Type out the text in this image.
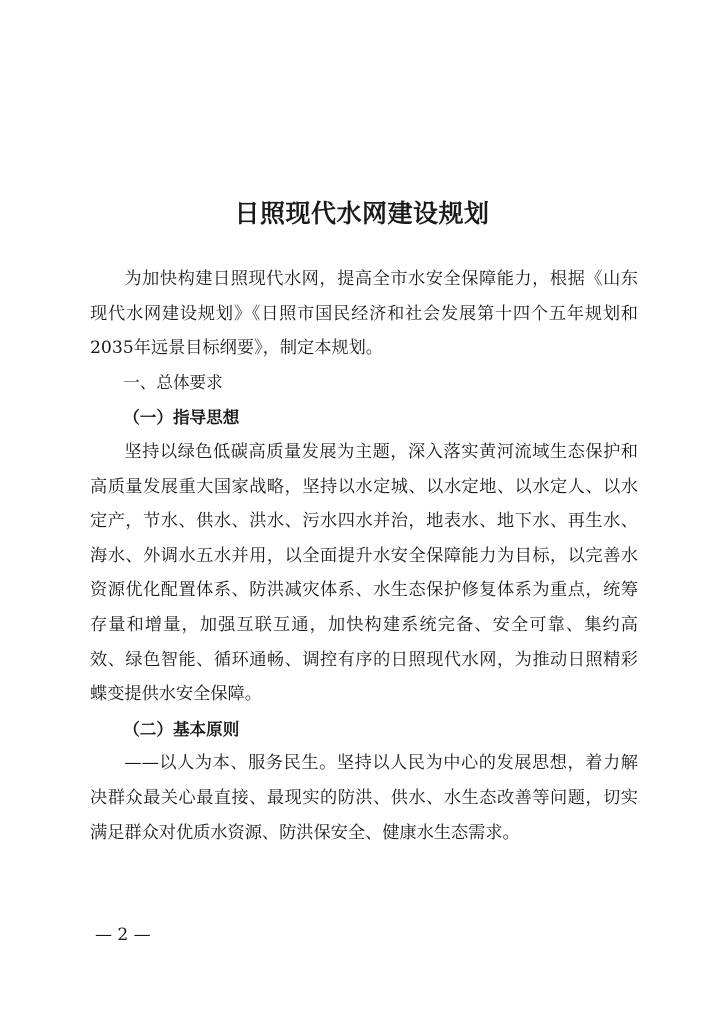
日照现代水网建设规划

为加快构建日照现代水网，提高全市水安全保障能力，根据《山东现代水网建设规划》《日照市国民经济和社会发展第十四个五年规划和2035年远景目标纲要》，制定本规划。

一、总体要求

（一）指导思想

坚持以绿色低碳高质量发展为主题，深入落实黄河流域生态保护和高质量发展重大国家战略，坚持以水定城、以水定地、以水定人、以水定产，节水、供水、洪水、污水四水并治，地表水、地下水、再生水、海水、外调水五水并用，以全面提升水安全保障能力为目标，以完善水资源优化配置体系、防洪减灾体系、水生态保护修复体系为重点，统筹存量和增量，加强互联互通，加快构建系统完备、安全可靠、集约高效、绿色智能、循环通畅、调控有序的日照现代水网，为推动日照精彩蝶变提供水安全保障。

（二）基本原则

——以人为本、服务民生。坚持以人民为中心的发展思想，着力解决群众最关心最直接、最现实的防洪、供水、水生态改善等问题，切实满足群众对优质水资源、防洪保安全、健康水生态需求。

— 2 —
